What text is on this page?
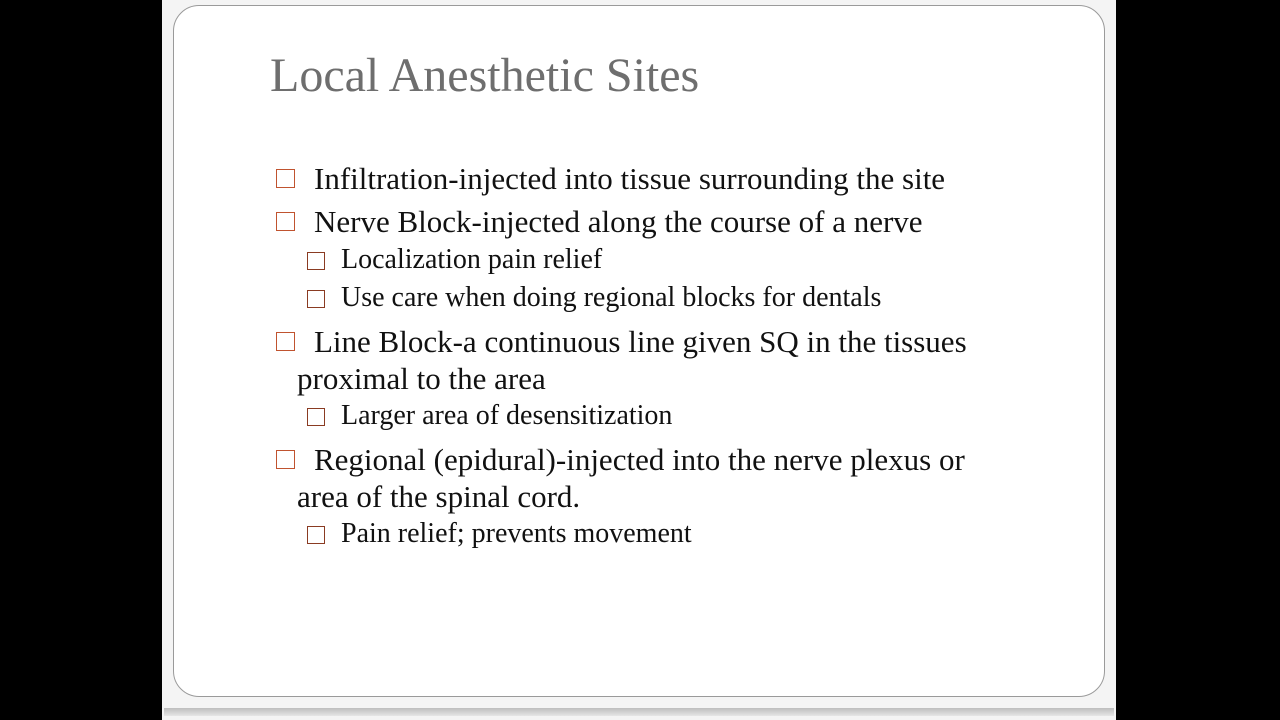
Local Anesthetic Sites
Infiltration-injected into tissue surrounding the site
Nerve Block-injected along the course of a nerve
Localization pain relief
Use care when doing regional blocks for dentals
Line Block-a continuous line given SQ in the tissues
proximal to the area
Larger area of desensitization
Regional (epidural)-injected into the nerve plexus or
area of the spinal cord.
Pain relief; prevents movement
